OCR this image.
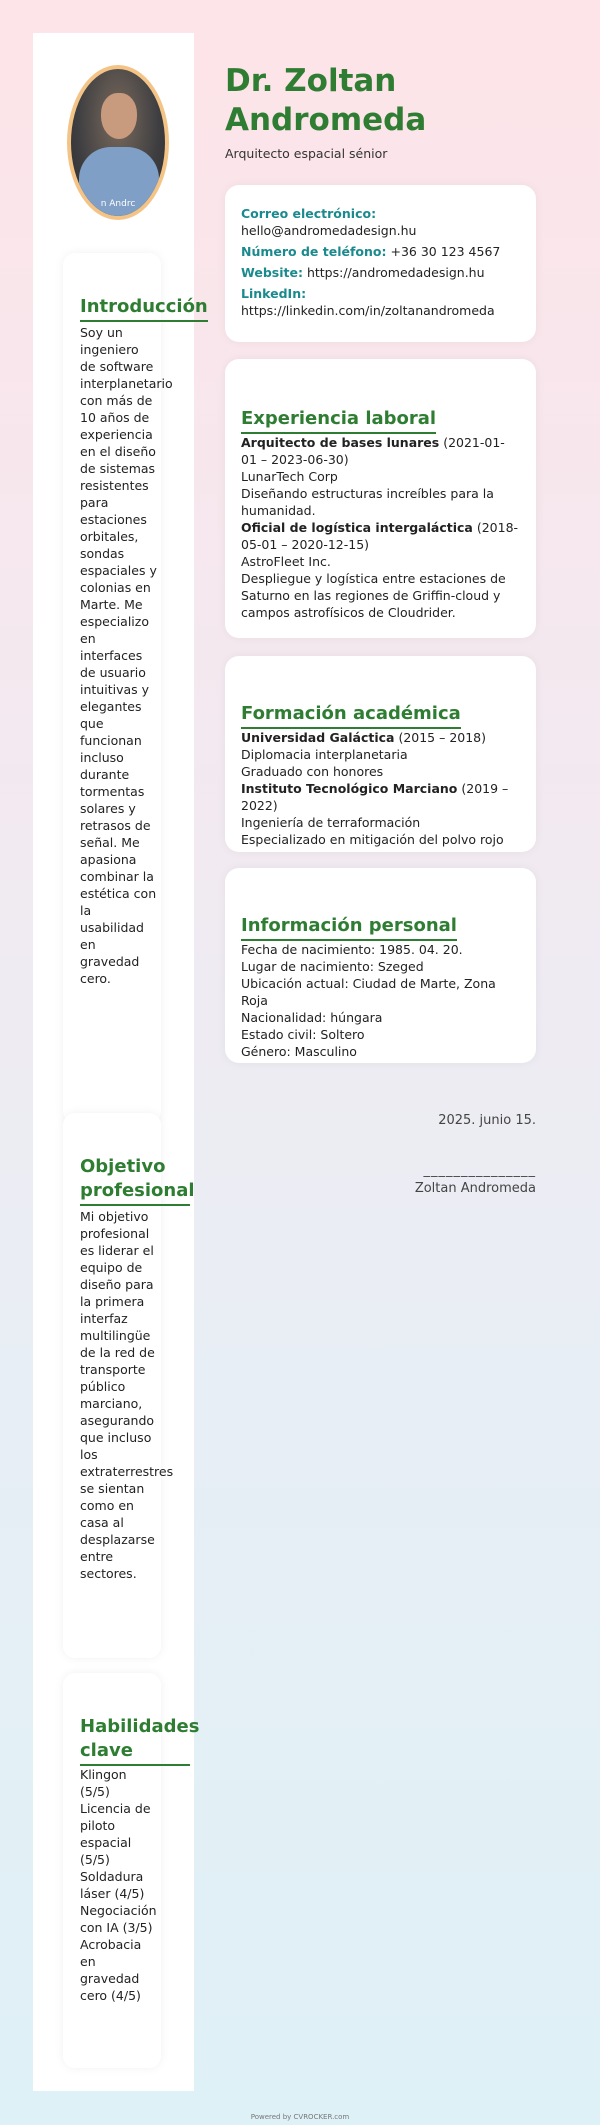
n Andrc
Introducción

Soy un ingeniero de software interplanetario con más de 10 años de experiencia en el diseño de sistemas resistentes para estaciones orbitales, sondas espaciales y colonias en Marte. Me especializo en interfaces de usuario intuitivas y elegantes que funcionan incluso durante tormentas solares y retrasos de señal. Me apasiona combinar la estética con la usabilidad en gravedad cero.

Objetivo profesional

Mi objetivo profesional es liderar el equipo de diseño para la primera interfaz multilingüe de la red de transporte público marciano, asegurando que incluso los extraterrestres se sientan como en casa al desplazarse entre sectores.

Habilidades clave
Klingon (5/5)
Licencia de piloto espacial (5/5)
Soldadura láser (4/5)
Negociación con IA (3/5)
Acrobacia en gravedad cero (4/5)
Dr. Zoltan Andromeda
Arquitecto espacial sénior
Correo electrónico:
hello@andromedadesign.hu
Número de teléfono: +36 30 123 4567
Website: https://andromedadesign.hu
LinkedIn:
https://linkedin.com/in/zoltanandromeda
Experiencia laboral
Arquitecto de bases lunares (2021-01-01 – 2023-06-30)
LunarTech Corp
Diseñando estructuras increíbles para la humanidad.
Oficial de logística intergaláctica (2018-05-01 – 2020-12-15)
AstroFleet Inc.
Despliegue y logística entre estaciones de Saturno en las regiones de Griffin-cloud y campos astrofísicos de Cloudrider.
Formación académica
Universidad Galáctica (2015 – 2018)
Diplomacia interplanetaria
Graduado con honores
Instituto Tecnológico Marciano (2019 – 2022)
Ingeniería de terraformación
Especializado en mitigación del polvo rojo
Información personal
Fecha de nacimiento: 1985. 04. 20.
Lugar de nacimiento: Szeged
Ubicación actual: Ciudad de Marte, Zona Roja
Nacionalidad: húngara
Estado civil: Soltero
Género: Masculino
2025. junio 15.
_______________
Zoltan Andromeda
Powered by CVROCKER.com
